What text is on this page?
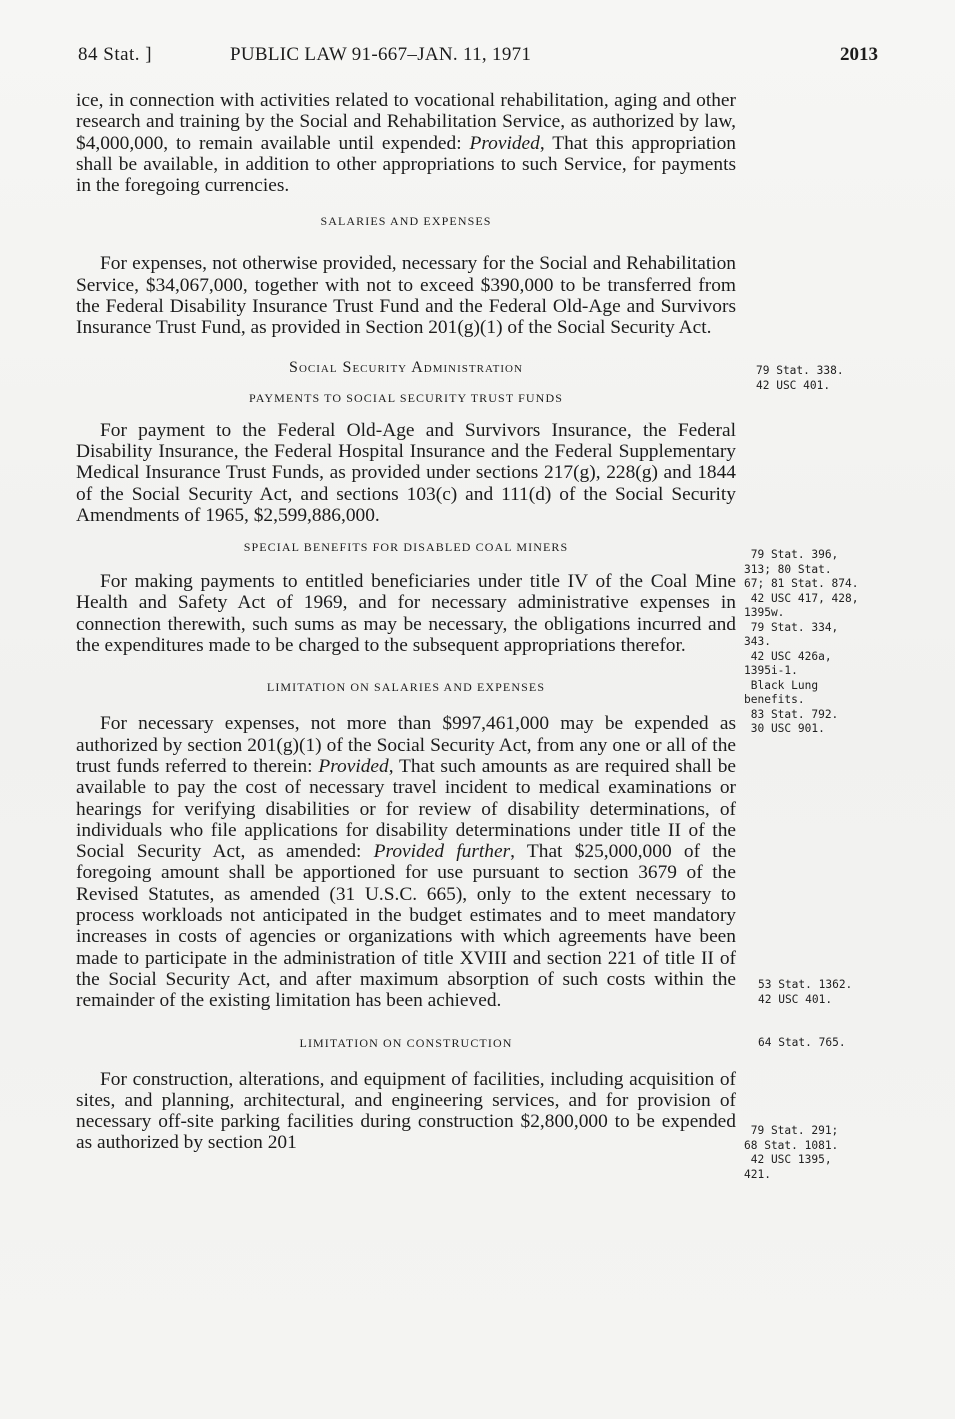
84 Stat. ]	PUBLIC LAW 91-667–JAN. 11, 1971	2013

ice, in connection with activities related to vocational rehabilitation, aging and other research and training by the Social and Rehabilitation Service, as authorized by law, $4,000,000, to remain available until expended: Provided, That this appropriation shall be available, in addition to other appropriations to such Service, for payments in the foregoing currencies.

SALARIES AND EXPENSES

For expenses, not otherwise provided, necessary for the Social and Rehabilitation Service, $34,067,000, together with not to exceed $390,000 to be transferred from the Federal Disability Insurance Trust Fund and the Federal Old-Age and Survivors Insurance Trust Fund, as provided in Section 201(g)(1) of the Social Security Act.

Social Security Administration

PAYMENTS TO SOCIAL SECURITY TRUST FUNDS

For payment to the Federal Old-Age and Survivors Insurance, the Federal Disability Insurance, the Federal Hospital Insurance and the Federal Supplementary Medical Insurance Trust Funds, as provided under sections 217(g), 228(g) and 1844 of the Social Security Act, and sections 103(c) and 111(d) of the Social Security Amendments of 1965, $2,599,886,000.

SPECIAL BENEFITS FOR DISABLED COAL MINERS

For making payments to entitled beneficiaries under title IV of the Coal Mine Health and Safety Act of 1969, and for necessary administrative expenses in connection therewith, such sums as may be necessary, the obligations incurred and the expenditures made to be charged to the subsequent appropriations therefor.

LIMITATION ON SALARIES AND EXPENSES

For necessary expenses, not more than $997,461,000 may be expended as authorized by section 201(g)(1) of the Social Security Act, from any one or all of the trust funds referred to therein: Provided, That such amounts as are required shall be available to pay the cost of necessary travel incident to medical examinations or hearings for verifying disabilities or for review of disability determinations, of individuals who file applications for disability determinations under title II of the Social Security Act, as amended: Provided further, That $25,000,000 of the foregoing amount shall be apportioned for use pursuant to section 3679 of the Revised Statutes, as amended (31 U.S.C. 665), only to the extent necessary to process workloads not anticipated in the budget estimates and to meet mandatory increases in costs of agencies or organizations with which agreements have been made to participate in the administration of title XVIII and section 221 of title II of the Social Security Act, and after maximum absorption of such costs within the remainder of the existing limitation has been achieved.

LIMITATION ON CONSTRUCTION

For construction, alterations, and equipment of facilities, including acquisition of sites, and planning, architectural, and engineering services, and for provision of necessary off-site parking facilities during construction $2,800,000 to be expended as authorized by section 201

79 Stat. 338.
42 USC 401.
79 Stat. 396,
313; 80 Stat.
67; 81 Stat. 874.
42 USC 417, 428,
1395w.
79 Stat. 334,
343.
42 USC 426a,
1395i-1.
Black Lung
benefits.
83 Stat. 792.
30 USC 901.
53 Stat. 1362.
42 USC 401.
64 Stat. 765.
79 Stat. 291;
68 Stat. 1081.
42 USC 1395,
421.
